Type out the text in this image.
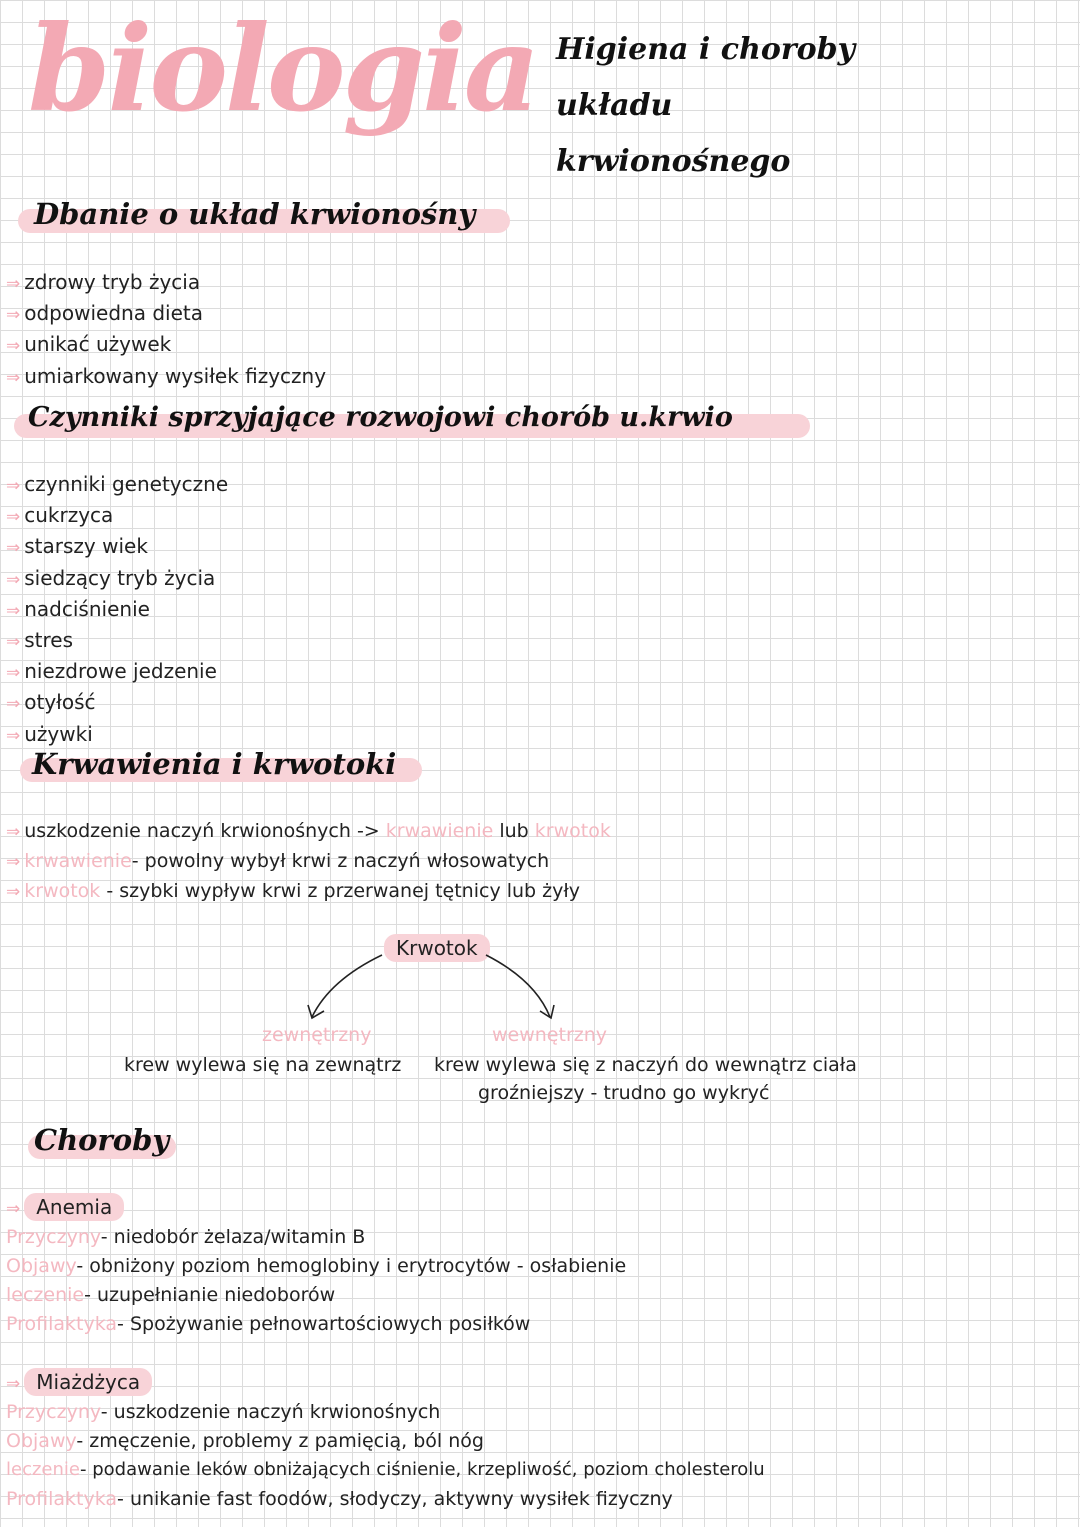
biologia Higiena i choroby układu krwionośnego
Dbanie o układ krwionośny
⇒ zdrowy tryb życia
⇒ odpowiedna dieta
⇒ unikać używek
⇒ umiarkowany wysiłek fizyczny
Czynniki sprzyjające rozwojowi chorób u.krwio
⇒ czynniki genetyczne
⇒ cukrzyca
⇒ starszy wiek
⇒ siedzący tryb życia
⇒ nadciśnienie
⇒ stres
⇒ niezdrowe jedzenie
⇒ otyłość
⇒ używki
Krwawienia i krwotoki
⇒ uszkodzenie naczyń krwionośnych -> krwawienie lub krwotok
⇒ krwawienie- powolny wybył krwi z naczyń włosowatych
⇒ krwotok - szybki wypływ krwi z przerwanej tętnicy lub żyły
Krwotok
zewnętrzny
krew wylewa się na zewnątrz
wewnętrzny
krew wylewa się z naczyń do wewnątrz ciała
groźniejszy - trudno go wykryć
Choroby
⇒ Anemia
Przyczyny- niedobór żelaza/witamin B
Objawy- obniżony poziom hemoglobiny i erytrocytów - osłabienie
leczenie- uzupełnianie niedoborów
Profilaktyka- Spożywanie pełnowartościowych posiłków
⇒ Miażdżyca
Przyczyny- uszkodzenie naczyń krwionośnych
Objawy- zmęczenie, problemy z pamięcią, ból nóg
leczenie- podawanie leków obniżających ciśnienie, krzepliwość, poziom cholesterolu
Profilaktyka- unikanie fast foodów, słodyczy, aktywny wysiłek fizyczny
